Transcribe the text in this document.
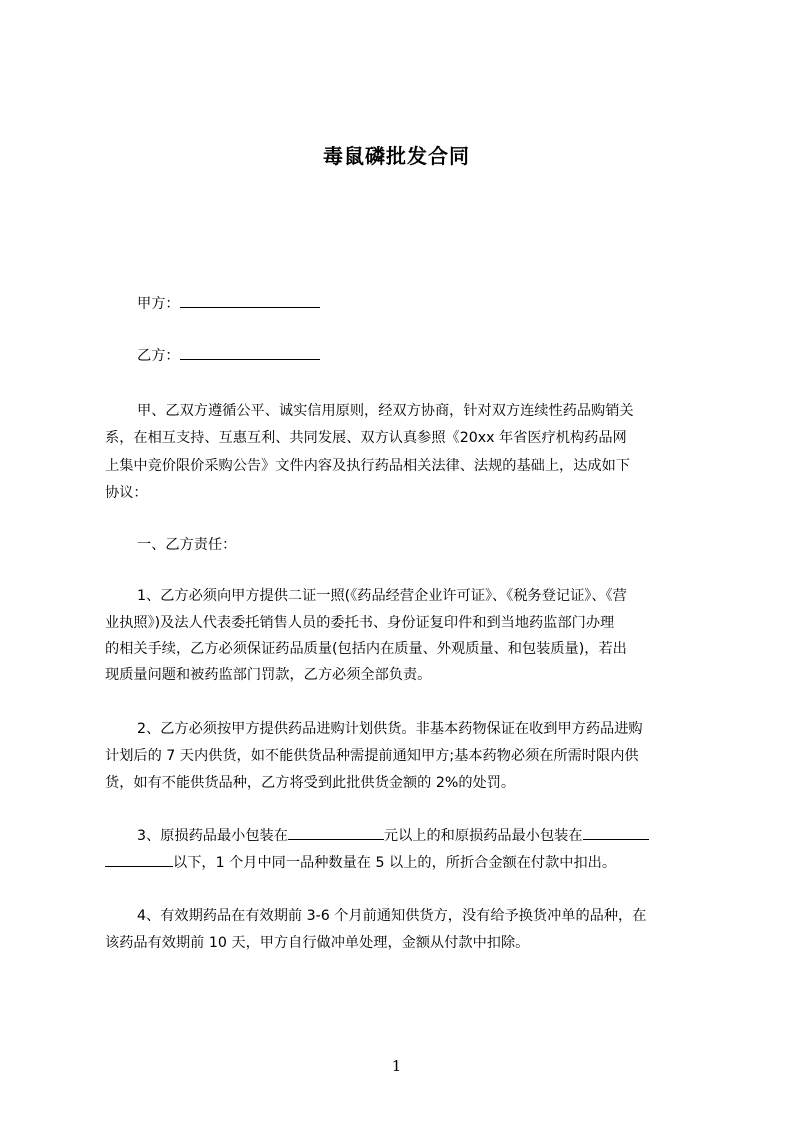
毒鼠磷批发合同
甲方：
乙方：
甲、乙双方遵循公平、诚实信用原则，经双方协商，针对双方连续性药品购销关
系，在相互支持、互惠互利、共同发展、双方认真参照《20xx 年省医疗机构药品网
上集中竞价限价采购公告》文件内容及执行药品相关法律、法规的基础上，达成如下
协议：
一、乙方责任：
1、乙方必须向甲方提供二证一照(《药品经营企业许可证》、《税务登记证》、《营
业执照》)及法人代表委托销售人员的委托书、身份证复印件和到当地药监部门办理
的相关手续，乙方必须保证药品质量(包括内在质量、外观质量、和包装质量)，若出
现质量问题和被药监部门罚款，乙方必须全部负责。
2、乙方必须按甲方提供药品进购计划供货。非基本药物保证在收到甲方药品进购
计划后的 7 天内供货，如不能供货品种需提前通知甲方;基本药物必须在所需时限内供
货，如有不能供货品种，乙方将受到此批供货金额的 2%的处罚。
3、原损药品最小包装在	元以上的和原损药品最小包装在
以下，1 个月中同一品种数量在 5 以上的，所折合金额在付款中扣出。
4、有效期药品在有效期前 3-6 个月前通知供货方，没有给予换货冲单的品种，在
该药品有效期前 10 天，甲方自行做冲单处理，金额从付款中扣除。
1
